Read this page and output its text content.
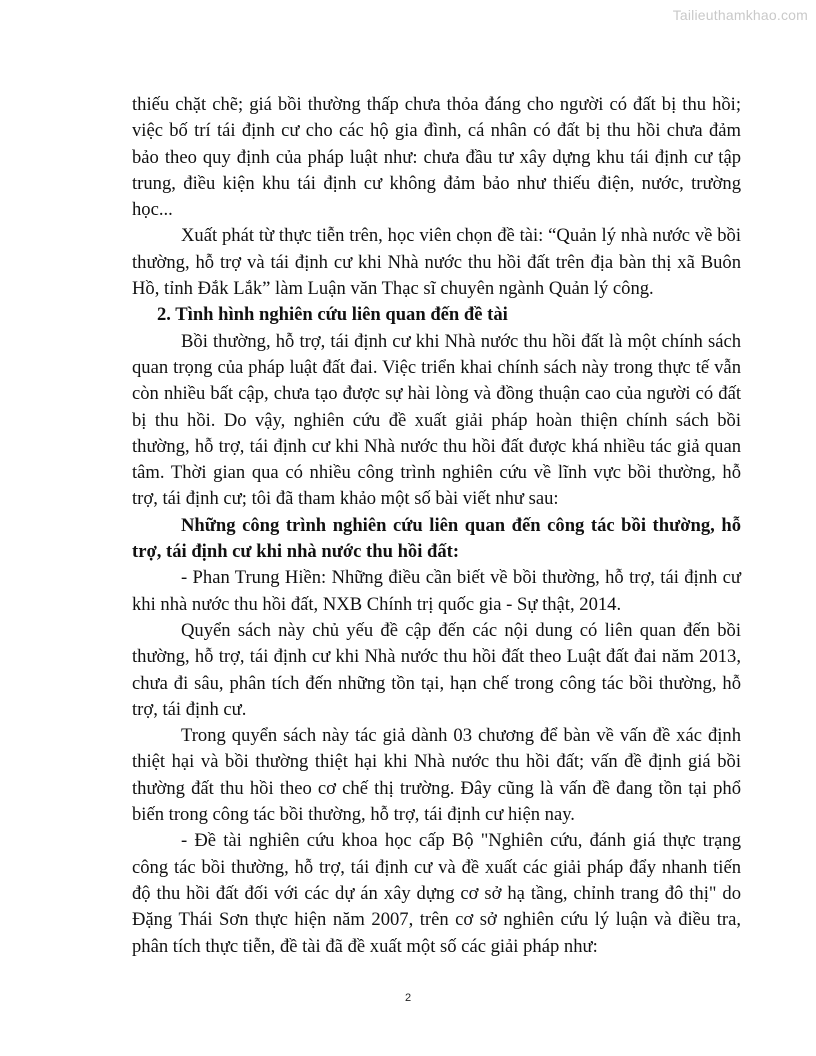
Tailieuthamkhao.com

thiếu chặt chẽ; giá bồi thường thấp chưa thỏa đáng cho người có đất bị thu hồi; việc bố trí tái định cư cho các hộ gia đình, cá nhân có đất bị thu hồi chưa đảm bảo theo quy định của pháp luật như: chưa đầu tư xây dựng khu tái định cư tập trung, điều kiện khu tái định cư không đảm bảo như thiếu điện, nước, trường học...

Xuất phát từ thực tiễn trên, học viên chọn đề tài: “Quản lý nhà nước về bồi thường, hỗ trợ và tái định cư khi Nhà nước thu hồi đất trên địa bàn thị xã Buôn Hồ, tỉnh Đắk Lắk” làm Luận văn Thạc sĩ chuyên ngành Quản lý công.

2. Tình hình nghiên cứu liên quan đến đề tài

Bồi thường, hỗ trợ, tái định cư khi Nhà nước thu hồi đất là một chính sách quan trọng của pháp luật đất đai. Việc triển khai chính sách này trong thực tế vẫn còn nhiều bất cập, chưa tạo được sự hài lòng và đồng thuận cao của người có đất bị thu hồi. Do vậy, nghiên cứu đề xuất giải pháp hoàn thiện chính sách bồi thường, hỗ trợ, tái định cư khi Nhà nước thu hồi đất được khá nhiều tác giả quan tâm. Thời gian qua có nhiều công trình nghiên cứu về lĩnh vực bồi thường, hỗ trợ, tái định cư; tôi đã tham khảo một số bài viết như sau:

Những công trình nghiên cứu liên quan đến công tác bồi thường, hỗ trợ, tái định cư khi nhà nước thu hồi đất:

- Phan Trung Hiền: Những điều cần biết về bồi thường, hỗ trợ, tái định cư khi nhà nước thu hồi đất, NXB Chính trị quốc gia - Sự thật, 2014.

Quyển sách này chủ yếu đề cập đến các nội dung có liên quan đến bồi thường, hỗ trợ, tái định cư khi Nhà nước thu hồi đất theo Luật đất đai năm 2013, chưa đi sâu, phân tích đến những tồn tại, hạn chế trong công tác bồi thường, hỗ trợ, tái định cư.

Trong quyển sách này tác giả dành 03 chương để bàn về vấn đề xác định thiệt hại và bồi thường thiệt hại khi Nhà nước thu hồi đất; vấn đề định giá bồi thường đất thu hồi theo cơ chế thị trường. Đây cũng là vấn đề đang tồn tại phổ biến trong công tác bồi thường, hỗ trợ, tái định cư hiện nay.

- Đề tài nghiên cứu khoa học cấp Bộ "Nghiên cứu, đánh giá thực trạng công tác bồi thường, hỗ trợ, tái định cư và đề xuất các giải pháp đẩy nhanh tiến độ thu hồi đất đối với các dự án xây dựng cơ sở hạ tầng, chỉnh trang đô thị" do Đặng Thái Sơn thực hiện năm 2007, trên cơ sở nghiên cứu lý luận và điều tra, phân tích thực tiễn, đề tài đã đề xuất một số các giải pháp như:

2
